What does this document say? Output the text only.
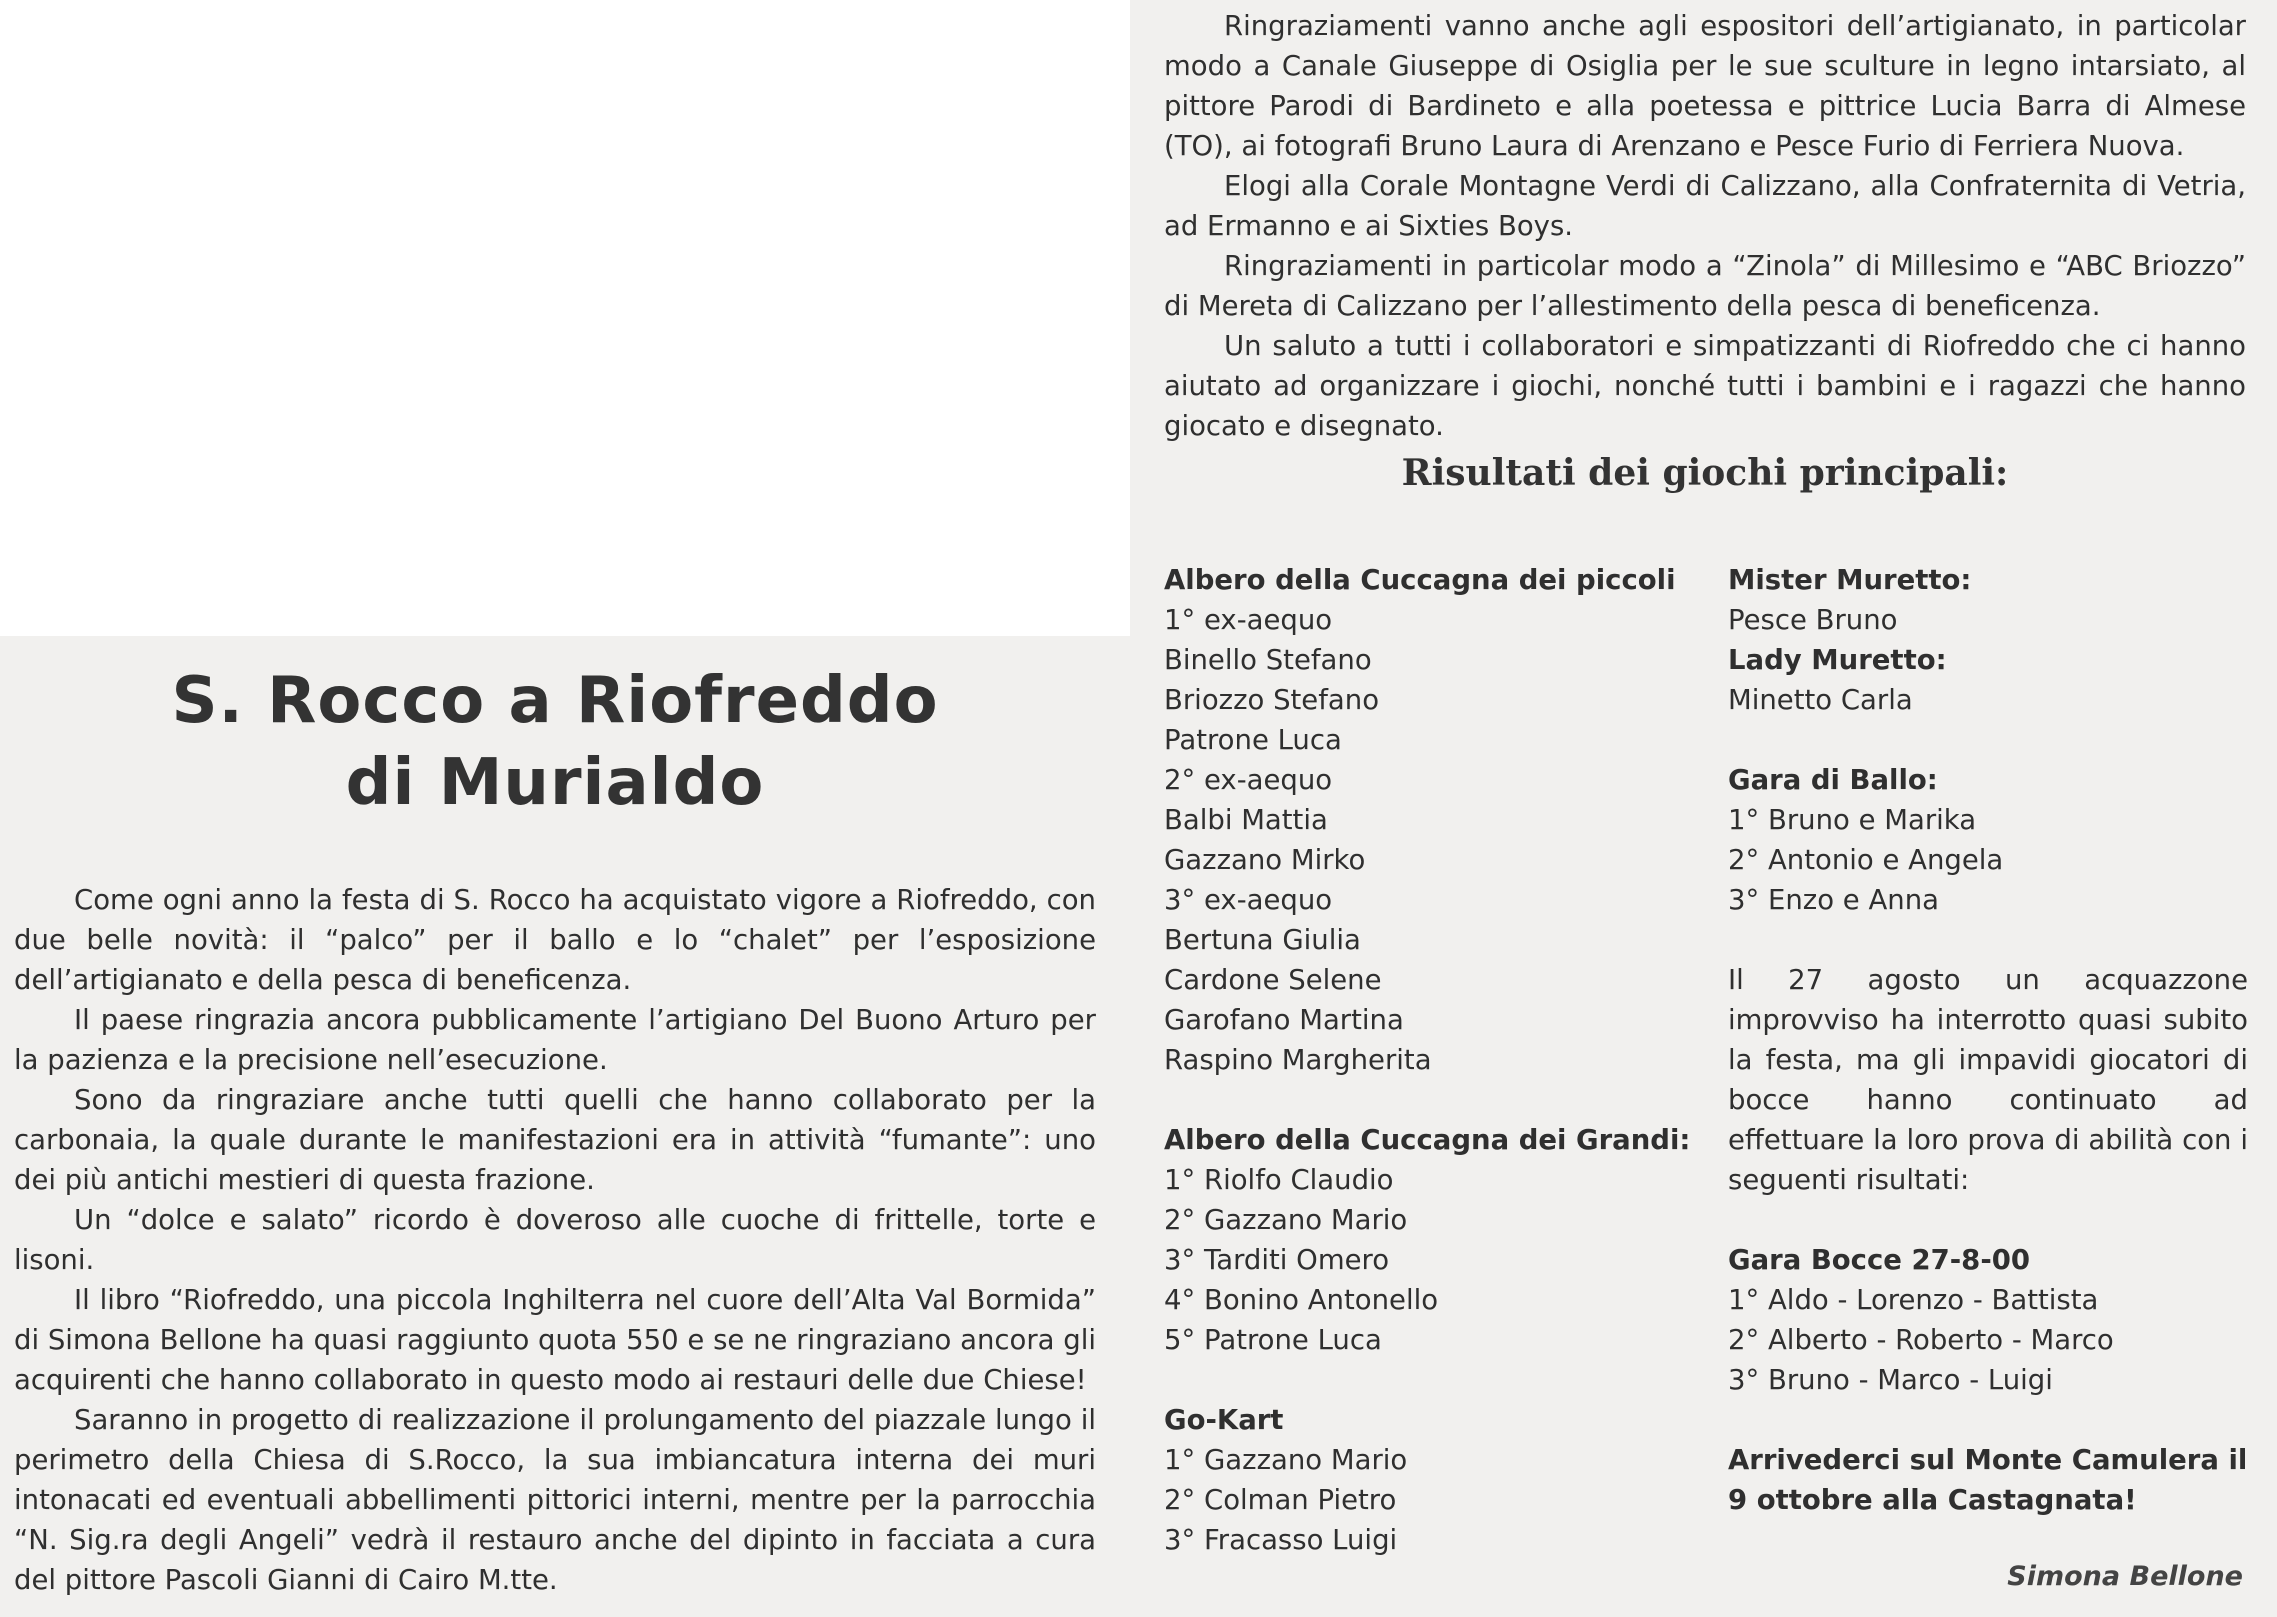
S. Rocco a Riofreddo
di Murialdo

Come ogni anno la festa di S. Rocco ha acquistato vigore a Riofreddo, con due belle novità: il “palco” per il ballo e lo “chalet” per l’esposizione dell’artigianato e della pesca di beneficenza.

Il paese ringrazia ancora pubblicamente l’artigiano Del Buono Arturo per la pazienza e la precisione nell’esecuzione.

Sono da ringraziare anche tutti quelli che hanno collaborato per la carbonaia, la quale durante le manifestazioni era in attività “fumante”: uno dei più antichi mestieri di questa frazione.

Un “dolce e salato” ricordo è doveroso alle cuoche di frittelle, torte e lisoni.

Il libro “Riofreddo, una piccola Inghilterra nel cuore dell’Alta Val Bormida” di Simona Bellone ha quasi raggiunto quota 550 e se ne ringraziano ancora gli acquirenti che hanno collaborato in questo modo ai restauri delle due Chiese!

Saranno in progetto di realizzazione il prolungamento del piazzale lungo il perimetro della Chiesa di S.Rocco, la sua imbiancatura interna dei muri intonacati ed eventuali abbellimenti pittorici interni, mentre per la parrocchia “N. Sig.ra degli Angeli” vedrà il restauro anche del dipinto in facciata a cura del pittore Pascoli Gianni di Cairo M.tte.

Ringraziamenti vanno anche agli espositori dell’artigianato, in particolar modo a Canale Giuseppe di Osiglia per le sue sculture in legno intarsiato, al pittore Parodi di Bardineto e alla poetessa e pittrice Lucia Barra di Almese (TO), ai fotografi Bruno Laura di Arenzano e Pesce Furio di Ferriera Nuova.

Elogi alla Corale Montagne Verdi di Calizzano, alla Confraternita di Vetria, ad Ermanno e ai Sixties Boys.

Ringraziamenti in particolar modo a “Zinola” di Millesimo e “ABC Briozzo” di Mereta di Calizzano per l’allestimento della pesca di beneficenza.

Un saluto a tutti i collaboratori e simpatizzanti di Riofreddo che ci hanno aiutato ad organizzare i giochi, nonché tutti i bambini e i ragazzi che hanno giocato e disegnato.

Risultati dei giochi principali:
Albero della Cuccagna dei piccoli
1° ex-aequo
Binello Stefano
Briozzo Stefano
Patrone Luca
2° ex-aequo
Balbi Mattia
Gazzano Mirko
3° ex-aequo
Bertuna Giulia
Cardone Selene
Garofano Martina
Raspino Margherita
Albero della Cuccagna dei Grandi:
1° Riolfo Claudio
2° Gazzano Mario
3° Tarditi Omero
4° Bonino Antonello
5° Patrone Luca
Go-Kart
1° Gazzano Mario
2° Colman Pietro
3° Fracasso Luigi
Mister Muretto:
Pesce Bruno
Lady Muretto:
Minetto Carla
Gara di Ballo:
1° Bruno e Marika
2° Antonio e Angela
3° Enzo e Anna
Il 27 agosto un acquazzone improvviso ha interrotto quasi subito la festa, ma gli impavidi giocatori di bocce hanno continuato ad effettuare la loro prova di abilità con i seguenti risultati:
Gara Bocce 27-8-00
1° Aldo - Lorenzo - Battista
2° Alberto - Roberto - Marco
3° Bruno - Marco - Luigi
Arrivederci sul Monte Camulera il 9 ottobre alla Castagnata!
Simona Bellone
